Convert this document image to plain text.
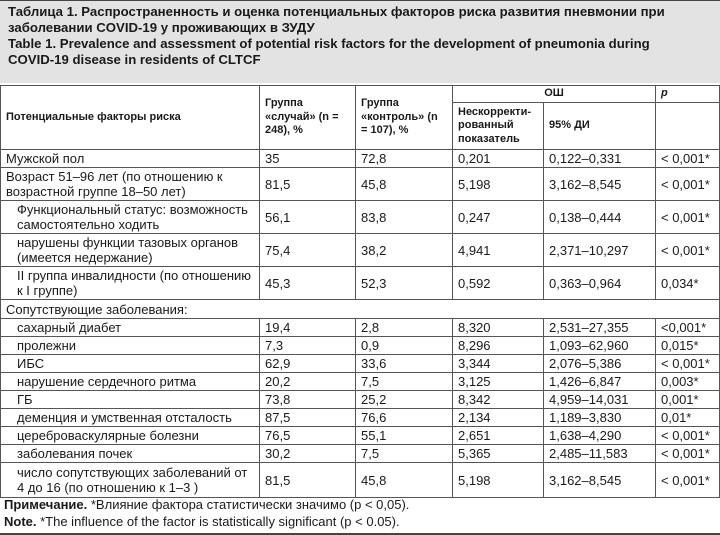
Таблица 1. Распространенность и оценка потенциальных факторов риска развития пневмонии при
заболевании COVID-19 у проживающих в ЗУДУ
Table 1. Prevalence and assessment of potential risk factors for the development of pneumonia during
COVID-19 disease in residents of CLTCF
Потенциальные факторы риска	Группа «случай» (n = 248), %	Группа «контроль» (n = 107), %	ОШ		p
			Нескорректи- рованный показатель	95% ДИ	
Мужской пол	35	72,8	0,201	0,122–0,331	< 0,001*
Возраст 51–96 лет (по отношению к возрастной группе 18–50 лет)	81,5	45,8	5,198	3,162–8,545	< 0,001*
Функциональный статус: возможность самостоятельно ходить	56,1	83,8	0,247	0,138–0,444	< 0,001*
нарушены функции тазовых органов (имеется недержание)	75,4	38,2	4,941	2,371–10,297	< 0,001*
II группа инвалидности (по отношению к I группе)	45,3	52,3	0,592	0,363–0,964	0,034*
Сопутствующие заболевания:					
сахарный диабет	19,4	2,8	8,320	2,531–27,355	<0,001*
пролежни	7,3	0,9	8,296	1,093–62,960	0,015*
ИБС	62,9	33,6	3,344	2,076–5,386	< 0,001*
нарушение сердечного ритма	20,2	7,5	3,125	1,426–6,847	0,003*
ГБ	73,8	25,2	8,342	4,959–14,031	0,001*
деменция и умственная отсталость	87,5	76,6	2,134	1,189–3,830	0,01*
цереброваскулярные болезни	76,5	55,1	2,651	1,638–4,290	< 0,001*
заболевания почек	30,2	7,5	5,365	2,485–11,583	< 0,001*
число сопутствующих заболеваний от 4 до 16 (по отношению к 1–3 )	81,5	45,8	5,198	3,162–8,545	< 0,001*
Примечание. *Влияние фактора статистически значимо (p < 0,05).
Note. *The influence of the factor is statistically significant (p < 0.05).
